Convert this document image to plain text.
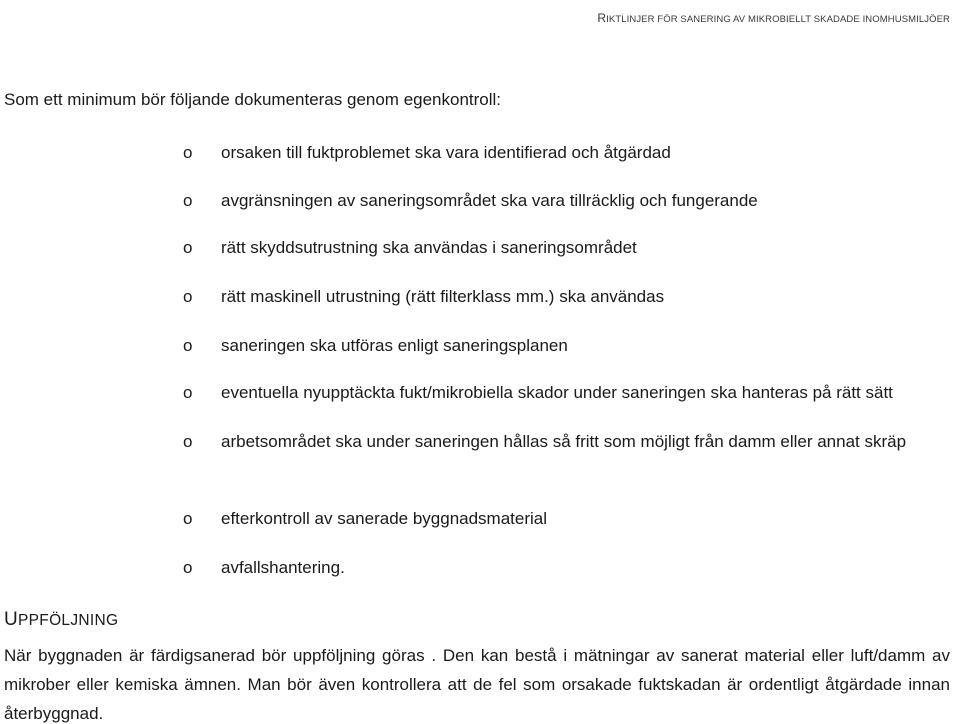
RIKTLINJER FÖR SANERING AV MIKROBIELLT SKADADE INOMHUSMILJÖER
Som ett minimum bör följande dokumenteras genom egenkontroll:
o orsaken till fuktproblemet ska vara identifierad och åtgärdad
o avgränsningen av saneringsområdet ska vara tillräcklig och fungerande
o rätt skyddsutrustning ska användas i saneringsområdet
o rätt maskinell utrustning (rätt filterklass mm.) ska användas
o saneringen ska utföras enligt saneringsplanen
o eventuella nyupptäckta fukt/mikrobiella skador under saneringen ska hanteras på rätt sätt
o arbetsområdet ska under saneringen hållas så fritt som möjligt från damm eller annat skräp
o efterkontroll av sanerade byggnadsmaterial
o avfallshantering.
UPPFÖLJNING
När byggnaden är färdigsanerad bör uppföljning göras . Den kan bestå i mätningar av sanerat material eller luft/damm av mikrober eller kemiska ämnen. Man bör även kontrollera att de fel som orsakade fuktskadan är ordentligt åtgärdade innan återbyggnad.
